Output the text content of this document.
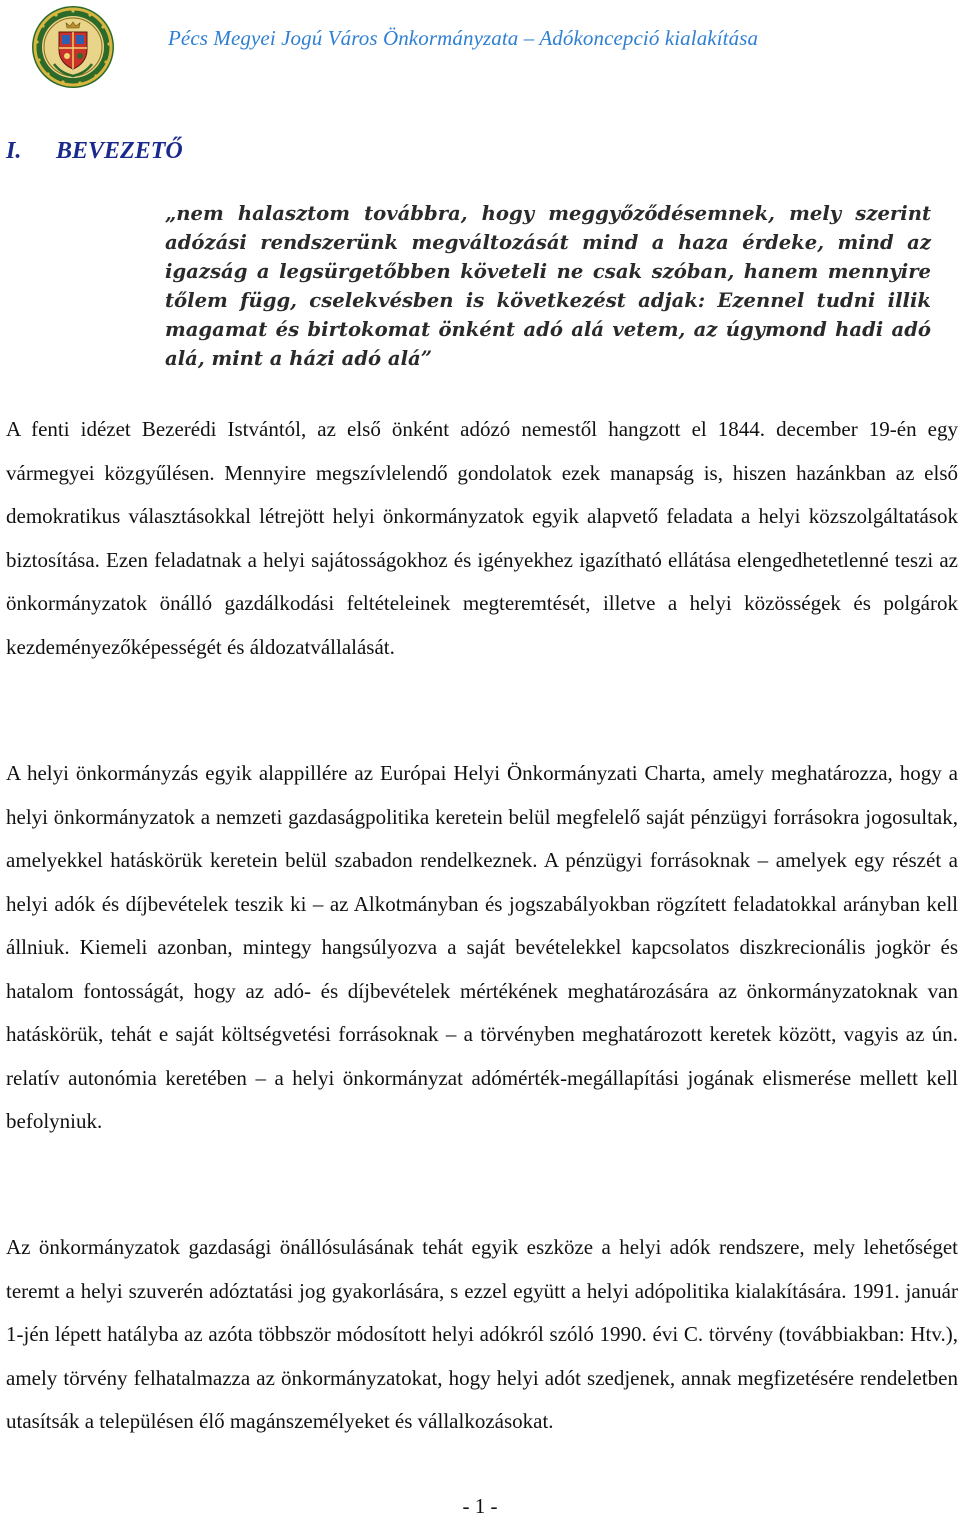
Pécs Megyei Jogú Város Önkormányzata – Adókoncepció kialakítása
I. BEVEZETŐ
„nem halasztom továbbra, hogy meggyőződésemnek, mely szerint adózási rendszerünk megváltozását mind a haza érdeke, mind az igazság a legsürgetőbben követeli ne csak szóban, hanem mennyire tőlem függ, cselekvésben is következést adjak: Ezennel tudni illik magamat és birtokomat önként adó alá vetem, az úgymond hadi adó alá, mint a házi adó alá”
A fenti idézet Bezerédi Istvántól, az első önként adózó nemestől hangzott el 1844. december 19-én egy vármegyei közgyűlésen. Mennyire megszívlelendő gondolatok ezek manapság is, hiszen hazánkban az első demokratikus választásokkal létrejött helyi önkormányzatok egyik alapvető feladata a helyi közszolgáltatások biztosítása. Ezen feladatnak a helyi sajátosságokhoz és igényekhez igazítható ellátása elengedhetetlenné teszi az önkormányzatok önálló gazdálkodási feltételeinek megteremtését, illetve a helyi közösségek és polgárok kezdeményezőképességét és áldozatvállalását.
A helyi önkormányzás egyik alappillére az Európai Helyi Önkormányzati Charta, amely meghatározza, hogy a helyi önkormányzatok a nemzeti gazdaságpolitika keretein belül megfelelő saját pénzügyi forrásokra jogosultak, amelyekkel hatáskörük keretein belül szabadon rendelkeznek. A pénzügyi forrásoknak – amelyek egy részét a helyi adók és díjbevételek teszik ki – az Alkotmányban és jogszabályokban rögzített feladatokkal arányban kell állniuk. Kiemeli azonban, mintegy hangsúlyozva a saját bevételekkel kapcsolatos diszkrecionális jogkör és hatalom fontosságát, hogy az adó- és díjbevételek mértékének meghatározására az önkormányzatoknak van hatáskörük, tehát e saját költségvetési forrásoknak – a törvényben meghatározott keretek között, vagyis az ún. relatív autonómia keretében – a helyi önkormányzat adómérték-megállapítási jogának elismerése mellett kell befolyniuk.
Az önkormányzatok gazdasági önállósulásának tehát egyik eszköze a helyi adók rendszere, mely lehetőséget teremt a helyi szuverén adóztatási jog gyakorlására, s ezzel együtt a helyi adópolitika kialakítására. 1991. január 1-jén lépett hatályba az azóta többször módosított helyi adókról szóló 1990. évi C. törvény (továbbiakban: Htv.), amely törvény felhatalmazza az önkormányzatokat, hogy helyi adót szedjenek, annak megfizetésére rendeletben utasítsák a településen élő magánszemélyeket és vállalkozásokat.
- 1 -
